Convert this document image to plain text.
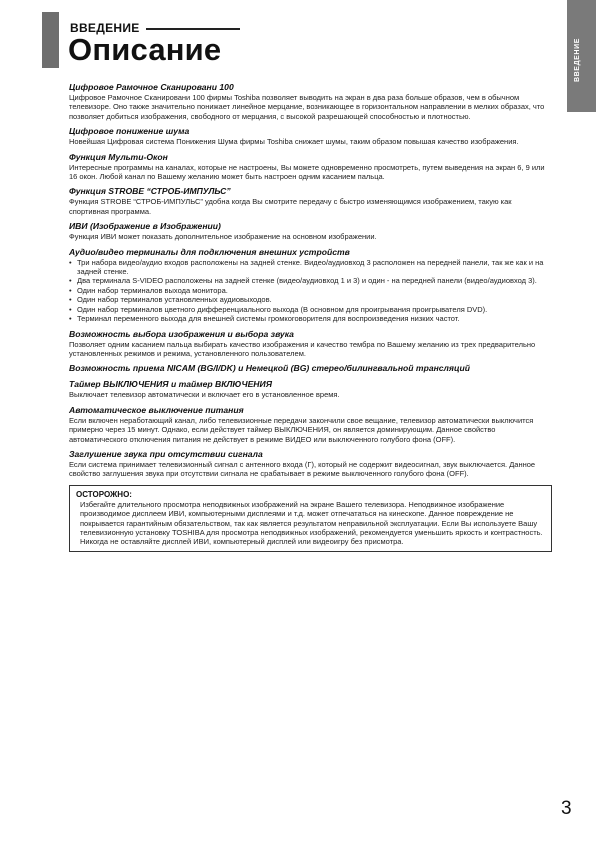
ВВЕДЕНИЕ
Описание	ВВЕДЕНИЕ
Цифровое Рамочное Сканировани 100

Цифровое Рамочное Сканировани 100 фирмы Toshiba позволяет выводить на экран в два раза больше образов, чем в обычном телевизоре. Оно также значительно понижает линейное мерцание, возникающее в горизонтальном направлении в мелких образах, что позволяет добиться изображения, свободного от мерцания, с высокой разрешающей способностью и плотностью.

Цифровое понижение шума

Новейшая Цифровая система Понижения Шума фирмы Toshiba снижает шумы, таким образом повышая качество изображения.

Функция Мульти-Окон

Интересные программы на каналах, которые не настроены, Вы можете одновременно просмотреть, путем выведения на экран 6, 9 или 16 окон. Любой канал по Вашему желанию может быть настроен одним касанием пальца.

Функция STROBE “СТРОБ-ИМПУЛЬС”

Функция STROBE “СТРОБ-ИМПУЛЬС” удобна когда Вы смотрите передачу с быстро изменяющимся изображением, такую как спортивная программа.

ИВИ (Изображение в Изображении)

Функция ИВИ может показать дополнительное изображение на основном изображении.

Аудио/видео терминалы для подключения внешних устройств
• Три набора видео/аудио входов расположены на задней стенке. Видео/аудиовход 3 расположен на передней панели, так же как и на задней стенке.
• Два терминала S-VIDEO расположены на задней стенке (видео/аудиовход 1 и 3) и один - на передней панели (видео/аудиовход 3).
• Один набор терминалов выхода монитора.
• Один набор терминалов установленных аудиовыходов.
• Один набор терминалов цветного дифференциального выхода (В основном для проигрывания проигрывателя DVD).
• Терминал переменного выхода для внешней системы громкоговорителя для воспроизведения низких частот.
Возможность выбора изображения и выбора звука

Позволяет одним касанием пальца выбирать качество изображения и качество тембра по Вашему желанию из трех предварительно установленных режимов и режима, установленного пользователем.

Возможность приема NICAM (BG/I/DK) и Немецкой (BG) стерео/билингвальной трансляций
Таймер ВЫКЛЮЧЕНИЯ и таймер ВКЛЮЧЕНИЯ

Выключает телевизор автоматически и включает его в установленное время.

Автоматическое выключение питания

Если включен неработающий канал, либо телевизионные передачи закончили свое вещание, телевизор автоматически выключится примерно через 15 минут. Однако, если действует таймер ВЫКЛЮЧЕНИЯ, он является доминирующим. Данное свойство автоматического отключения питания не действует в режиме ВИДЕО или выключенного голубого фона (OFF).

Заглушение звука при отсутствии сигнала

Если система принимает телевизионный сигнал с антенного входа (Г), который не содержит видеосигнал, звук выключается. Данное свойство заглушения звука при отсутствии сигнала не срабатывает в режиме выключенного голубого фона (OFF).

ОСТОРОЖНО:

Избегайте длительного просмотра неподвижных изображений на экране Вашего телевизора. Неподвижное изображение производимое дисплеем ИВИ, компьютерными дисплеями и т.д. может отпечататься на кинескопе. Данное повреждение не покрывается гарантийным обязательством, так как является результатом неправильной эксплуатации. Если Вы используете Вашу телевизионную установку TOSHIBA для просмотра неподвижных изображений, рекомендуется уменьшить яркость и контрастность. Никогда не оставляйте дисплей ИВИ, компьютерный дисплей или видеоигру без присмотра.

3
